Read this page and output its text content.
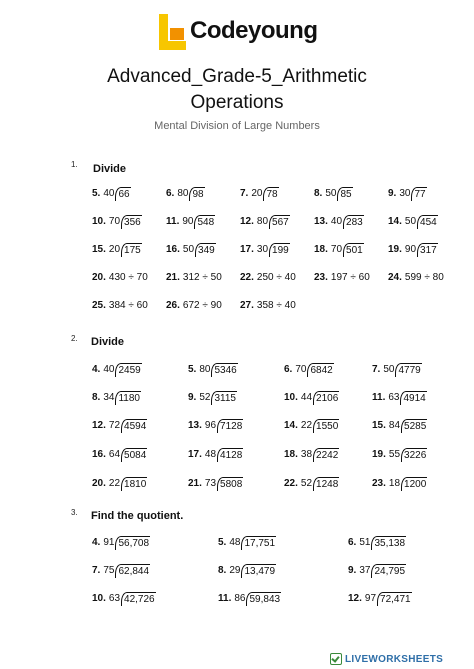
Codeyoung
Advanced_Grade-5_Arithmetic
Operations
Mental Division of Large Numbers
1. Divide
2. Divide
3. Find the quotient.
5. 40 66	6. 80 98	7. 20 78	8. 50 85	9. 30 77
10. 70 356	11. 90 548	12. 80 567	13. 40 283	14. 50 454
15. 20 175	16. 50 349	17. 30 199	18. 70 501	19. 90 317
20. 430 ÷ 70 21. 312 ÷ 50 22. 250 ÷ 40 23. 197 ÷ 60 24. 599 ÷ 80
25. 384 ÷ 60 26. 672 ÷ 90 27. 358 ÷ 40
4. 40 2459	5. 80 5346	6. 70 6842	7. 50 4779
8. 34 1180	9. 52 3115	10. 44 2106	11. 63 4914
12. 72 4594	13. 96 7128	14. 22 1550	15. 84 5285
16. 64 5084	17. 48 4128	18. 38 2242	19. 55 3226
20. 22 1810	21. 73 5808	22. 52 1248	23. 18 1200
4. 91 56,708	5. 48 17,751	6. 51 35,138
7. 75 62,844	8. 29 13,479	9. 37 24,795
10. 63 42,726	11. 86 59,843	12. 97 72,471
LIVEWORKSHEETS
